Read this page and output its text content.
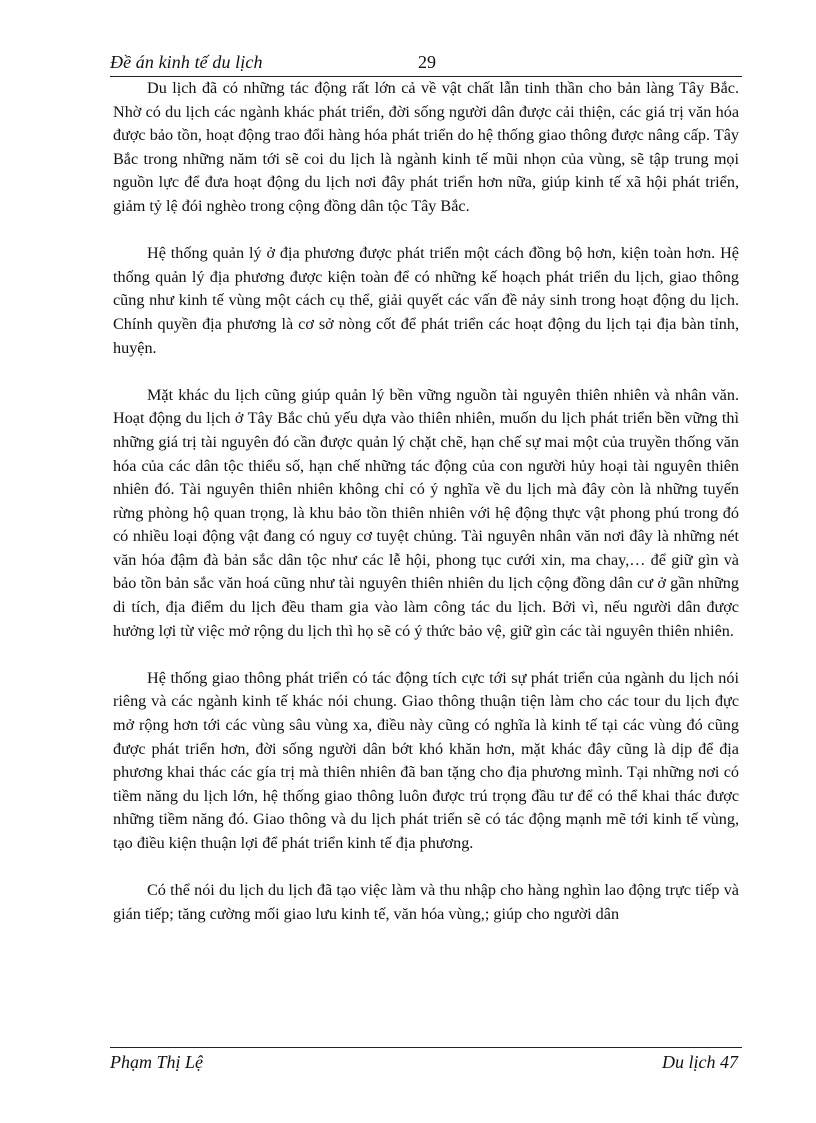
Đề án kinh tế du lịch	29

Du lịch đã có những tác động rất lớn cả về vật chất lẫn tinh thần cho bản làng Tây Bắc. Nhờ có du lịch các ngành khác phát triển, đời sống người dân được cải thiện, các giá trị văn hóa được bảo tồn, hoạt động trao đổi hàng hóa phát triển do hệ thống giao thông được nâng cấp. Tây Bắc trong những năm tới sẽ coi du lịch là ngành kinh tế mũi nhọn của vùng, sẽ tập trung mọi nguồn lực để đưa hoạt động du lịch nơi đây phát triển hơn nữa, giúp kinh tế xã hội phát triển, giảm tỷ lệ đói nghèo trong cộng đồng dân tộc Tây Bắc.

Hệ thống quản lý ở địa phương được phát triển một cách đồng bộ hơn, kiện toàn hơn. Hệ thống quản lý địa phương được kiện toàn để có những kế hoạch phát triển du lịch, giao thông cũng như kinh tế vùng một cách cụ thể, giải quyết các vấn đề nảy sinh trong hoạt động du lịch. Chính quyền địa phương là cơ sở nòng cốt để phát triển các hoạt động du lịch tại địa bàn tỉnh, huyện.

Mặt khác du lịch cũng giúp quản lý bền vững nguồn tài nguyên thiên nhiên và nhân văn. Hoạt động du lịch ở Tây Bắc chủ yếu dựa vào thiên nhiên, muốn du lịch phát triển bền vững thì những giá trị tài nguyên đó cần được quản lý chặt chẽ, hạn chế sự mai một của truyền thống văn hóa của các dân tộc thiểu số, hạn chế những tác động của con người hủy hoại tài nguyên thiên nhiên đó. Tài nguyên thiên nhiên không chỉ có ý nghĩa về du lịch mà đây còn là những tuyến rừng phòng hộ quan trọng, là khu bảo tồn thiên nhiên với hệ động thực vật phong phú trong đó có nhiều loại động vật đang có nguy cơ tuyệt chủng. Tài nguyên nhân văn nơi đây là những nét văn hóa đậm đà bản sắc dân tộc như các lễ hội, phong tục cưới xin, ma chay,… để giữ gìn và bảo tồn bản sắc văn hoá cũng như tài nguyên thiên nhiên du lịch cộng đồng dân cư ở gần những di tích, địa điểm du lịch đều tham gia vào làm công tác du lịch. Bởi vì, nếu người dân được hưởng lợi từ việc mở rộng du lịch thì họ sẽ có ý thức bảo vệ, giữ gìn các tài nguyên thiên nhiên.

Hệ thống giao thông phát triển có tác động tích cực tới sự phát triển của ngành du lịch nói riêng và các ngành kinh tế khác nói chung. Giao thông thuận tiện làm cho các tour du lịch đực mở rộng hơn tới các vùng sâu vùng xa, điều này cũng có nghĩa là kinh tế tại các vùng đó cũng được phát triển hơn, đời sống người dân bớt khó khăn hơn, mặt khác đây cũng là dịp để địa phương khai thác các gía trị mà thiên nhiên đã ban tặng cho địa phương mình. Tại những nơi có tiềm năng du lịch lớn, hệ thống giao thông luôn được trú trọng đầu tư để có thể khai thác được những tiềm năng đó. Giao thông và du lịch phát triển sẽ có tác động mạnh mẽ tới kinh tế vùng, tạo điều kiện thuận lợi để phát triển kinh tế địa phương.

Có thể nói du lịch du lịch đã tạo việc làm và thu nhập cho hàng nghìn lao động trực tiếp và gián tiếp; tăng cường mối giao lưu kinh tế, văn hóa vùng,; giúp cho người dân

Phạm Thị Lệ	Du lịch 47
